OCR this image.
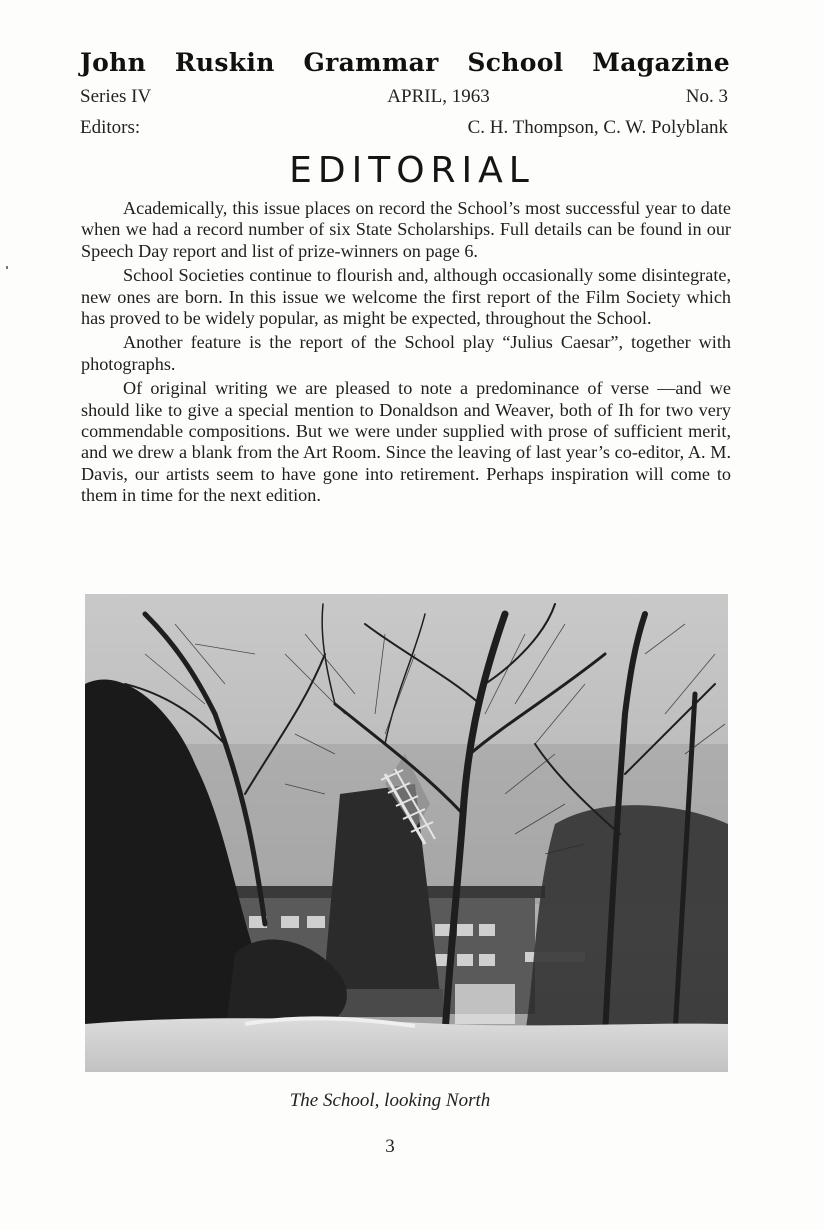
John Ruskin Grammar School Magazine
Series IV	APRIL, 1963	No. 3
Editors:	C. H. Thompson, C. W. Polyblank
EDITORIAL

Academically, this issue places on record the School’s most successful year to date when we had a record number of six State Scholarships. Full details can be found in our Speech Day report and list of prize-winners on page 6.

School Societies continue to flourish and, although occasionally some disintegrate, new ones are born. In this issue we welcome the first report of the Film Society which has proved to be widely popular, as might be expected, throughout the School.

Another feature is the report of the School play “Julius Caesar”, together with photographs.

Of original writing we are pleased to note a predominance of verse —and we should like to give a special mention to Donaldson and Weaver, both of Ih for two very commendable compositions. But we were under supplied with prose of sufficient merit, and we drew a blank from the Art Room. Since the leaving of last year’s co-editor, A. M. Davis, our artists seem to have gone into retirement. Perhaps inspiration will come to them in time for the next edition.

The School, looking North
3
